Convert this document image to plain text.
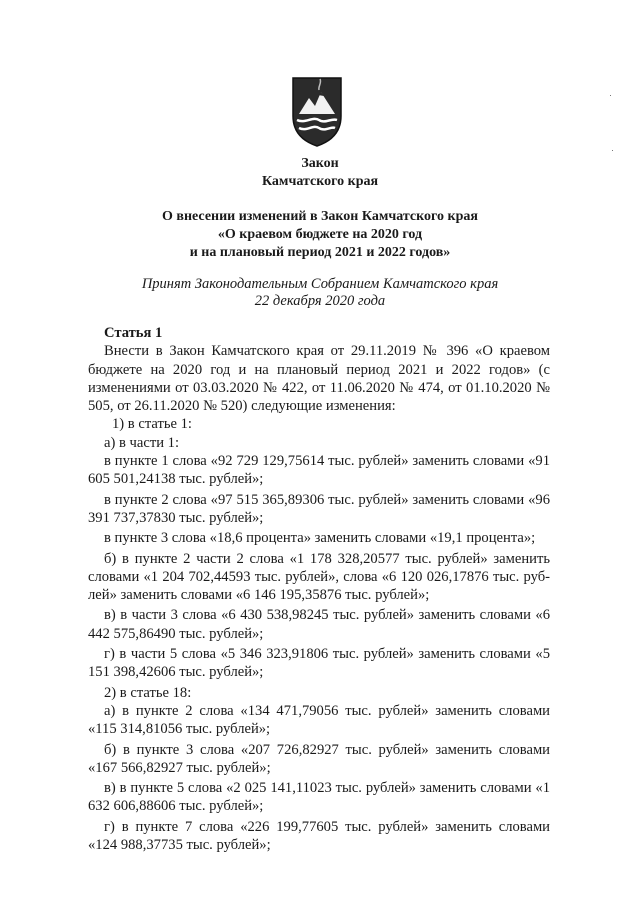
Закон
Камчатского края
О внесении изменений в Закон Камчатского края
«О краевом бюджете на 2020 год
и на плановый период 2021 и 2022 годов»
Принят Законодательным Собранием Камчатского края
22 декабря 2020 года
Статья 1

Внести в Закон Камчатского края от 29.11.2019 № 396 «О краевом бюджете на 2020 год и на плановый период 2021 и 2022 годов» (с изменениями от 03.03.2020 № 422, от 11.06.2020 № 474, от 01.10.2020 № 505, от 26.11.2020 № 520) следующие изменения:

1) в статье 1:

а) в части 1:

в пункте 1 слова «92 729 129,75614 тыс. рублей» заменить словами «91 605 501,24138 тыс. рублей»;

в пункте 2 слова «97 515 365,89306 тыс. рублей» заменить словами «96 391 737,37830 тыс. рублей»;

в пункте 3 слова «18,6 процента» заменить словами «19,1 процента»;

б) в пункте 2 части 2 слова «1 178 328,20577 тыс. рублей» заменить словами «1 204 702,44593 тыс. рублей», слова «6 120 026,17876 тыс. руб-лей» заменить словами «6 146 195,35876 тыс. рублей»;

в) в части 3 слова «6 430 538,98245 тыс. рублей» заменить словами «6 442 575,86490 тыс. рублей»;

г) в части 5 слова «5 346 323,91806 тыс. рублей» заменить словами «5 151 398,42606 тыс. рублей»;

2) в статье 18:

а) в пункте 2 слова «134 471,79056 тыс. рублей» заменить словами «115 314,81056 тыс. рублей»;

б) в пункте 3 слова «207 726,82927 тыс. рублей» заменить словами «167 566,82927 тыс. рублей»;

в) в пункте 5 слова «2 025 141,11023 тыс. рублей» заменить словами «1 632 606,88606 тыс. рублей»;

г) в пункте 7 слова «226 199,77605 тыс. рублей» заменить словами «124 988,37735 тыс. рублей»;
